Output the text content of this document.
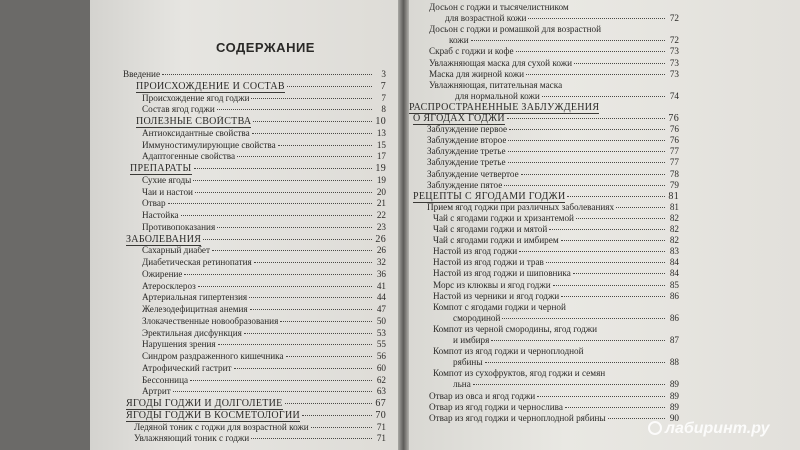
Введение	3
ПРОИСХОЖДЕНИЕ И СОСТАВ	7
Происхождение ягод годжи	7
Состав ягод годжи	8
ПОЛЕЗНЫЕ СВОЙСТВА	10
Антиоксидантные свойства	13
Иммуностимулирующие свойства	15
Адаптогенные свойства	17
ПРЕПАРАТЫ	19
Сухие ягоды	19
Чаи и настои	20
Отвар	21
Настойка	22
Противопоказания	23
ЗАБОЛЕВАНИЯ	26
Сахарный диабет	26
Диабетическая ретинопатия	32
Ожирение	36
Атеросклероз	41
Артериальная гипертензия	44
Железодефицитная анемия	47
Злокачественные новообразования	50
Эректильная дисфункция	53
Нарушения зрения	55
Синдром раздраженного кишечника	56
Атрофический гастрит	60
Бессонница	62
Артрит	63
ЯГОДЫ ГОДЖИ И ДОЛГОЛЕТИЕ	67
ЯГОДЫ ГОДЖИ В КОСМЕТОЛОГИИ	70
Ледяной тоник с годжи для возрастной кожи	71
Увлажняющий тоник с годжи	71
Досьон с годжи и тысячелистником
для возрастной кожи	72
Досьон с годжи и ромашкой для возрастной
кожи	72
Скраб с годжи и кофе	73
Увлажняющая маска для сухой кожи	73
Маска для жирной кожи	73
Увлажняющая, питательная маска
для нормальной кожи	74
РАСПРОСТРАНЕННЫЕ ЗАБЛУЖДЕНИЯ
О ЯГОДАХ ГОДЖИ	76
Заблуждение первое	76
Заблуждение второе	76
Заблуждение третье	77
Заблуждение третье	77
Заблуждение четвертое	78
Заблуждение пятое	79
РЕЦЕПТЫ С ЯГОДАМИ ГОДЖИ	81
Прием ягод годжи при различных заболеваниях	81
Чай с ягодами годжи и хризантемой	82
Чай с ягодами годжи и мятой	82
Чай с ягодами годжи и имбирем	82
Настой из ягод годжи	83
Настой из ягод годжи и трав	84
Настой из ягод годжи и шиповника	84
Морс из клюквы и ягод годжи	85
Настой из черники и ягод годжи	86
Компот с ягодами годжи и черной
смородиной	86
Компот из черной смородины, ягод годжи
и имбиря	87
Компот из ягод годжи и черноплодной
рябины	88
Компот из сухофруктов, ягод годжи и семян
льна	89
Отвар из овса и ягод годжи	89
Отвар из ягод годжи и чернослива	89
Отвар из ягод годжи и черноплодной рябины	90
СОДЕРЖАНИЕ
лабиринт.ру
